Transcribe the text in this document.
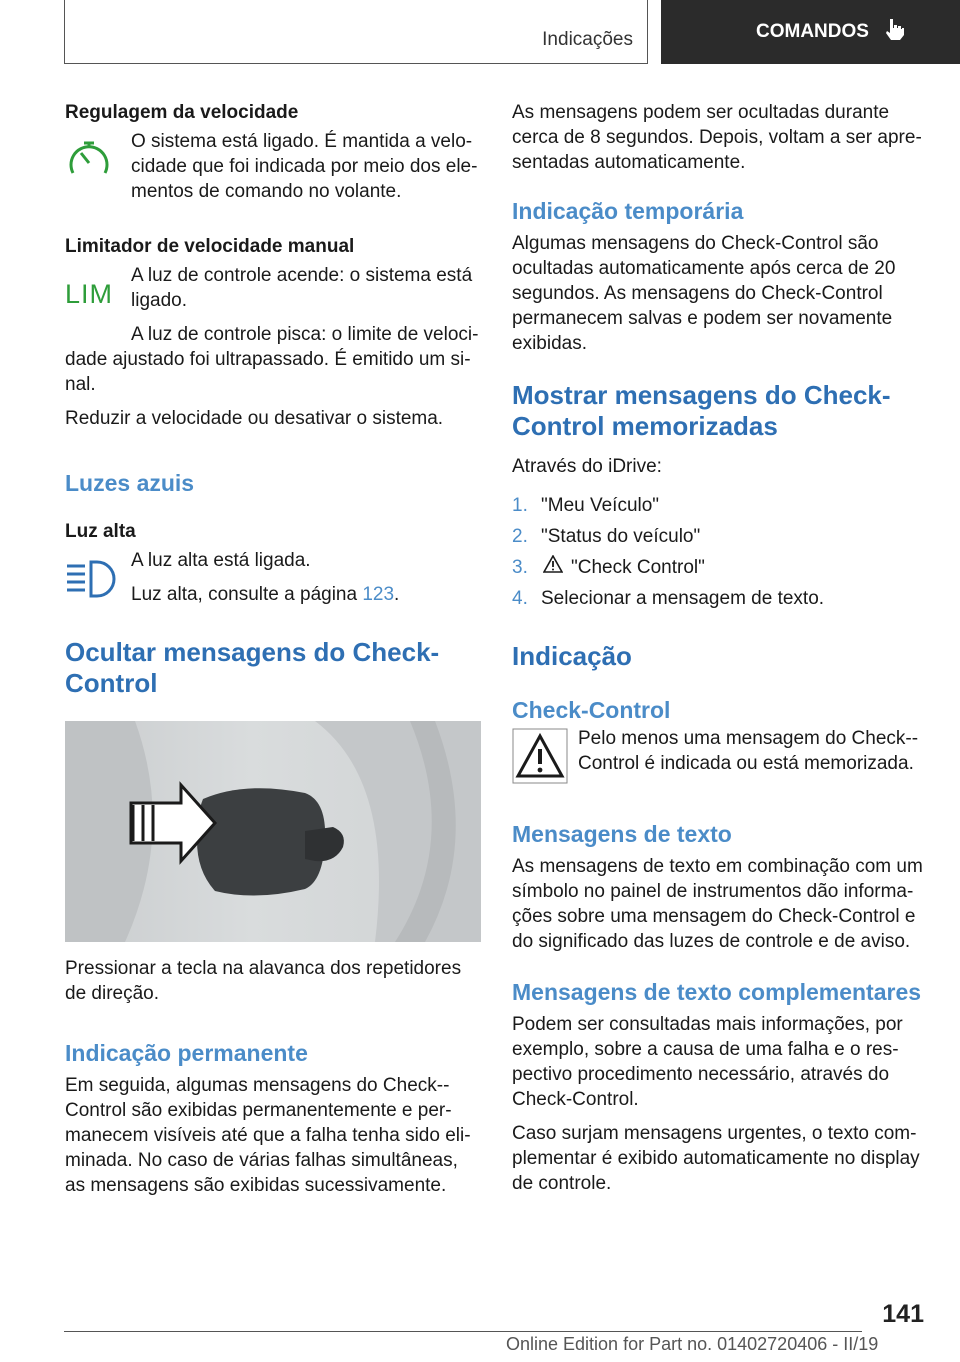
Indicações	COMANDOS
Regulagem da velocidade

O sistema está ligado. É mantida a velo-cidade que foi indicada por meio dos ele-mentos de comando no volante.

Limitador de velocidade manual
LIM

A luz de controle acende: o sistema está ligado.

A luz de controle pisca: o limite de veloci-dade ajustado foi ultrapassado. É emitido um si-nal.

Reduzir a velocidade ou desativar o sistema.

Luzes azuis
Luz alta

A luz alta está ligada.

Luz alta, consulte a página 123.

Ocultar mensagens do Check-Control

Pressionar a tecla na alavanca dos repetidores de direção.

Indicação permanente

Em seguida, algumas mensagens do Check--Control são exibidas permanentemente e per-manecem visíveis até que a falha tenha sido eli-minada. No caso de várias falhas simultâneas, as mensagens são exibidas sucessivamente.

As mensagens podem ser ocultadas durante cerca de 8 segundos. Depois, voltam a ser apre-sentadas automaticamente.

Indicação temporária

Algumas mensagens do Check-Control são ocultadas automaticamente após cerca de 20 segundos. As mensagens do Check-Control permanecem salvas e podem ser novamente exibidas.

Mostrar mensagens do Check-Control memorizadas

Através do iDrive:

1. "Meu Veículo"
2. "Status do veículo"
3.	"Check Control"
4. Selecionar a mensagem de texto.
Indicação
Check-Control

Pelo menos uma mensagem do Check--Control é indicada ou está memorizada.

Mensagens de texto

As mensagens de texto em combinação com um símbolo no painel de instrumentos dão informa-ções sobre uma mensagem do Check-Control e do significado das luzes de controle e de aviso.

Mensagens de texto complementares

Podem ser consultadas mais informações, por exemplo, sobre a causa de uma falha e o res-pectivo procedimento necessário, através do Check-Control.

Caso surjam mensagens urgentes, o texto com-plementar é exibido automaticamente no display de controle.

141
Online Edition for Part no. 01402720406 - II/19
